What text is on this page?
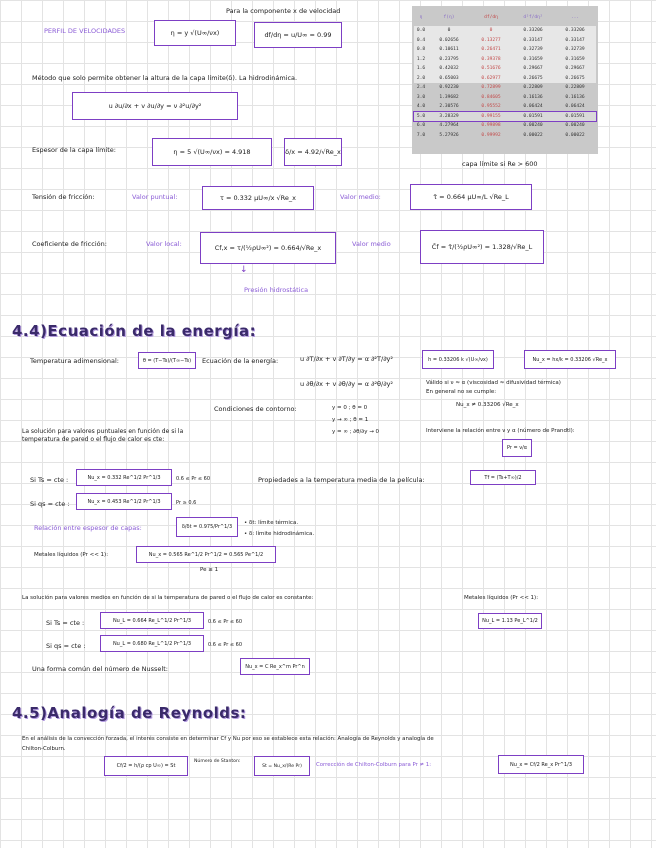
Para la componente x de velocidad
PERFIL DE VELOCIDADES	η = y √(U∞/νx)	df/dη = u/U∞ = 0.99
η	f(η)	df/dη	d²f/dη²	...
0.0	0	0	0.33206	0.33206
0.4	0.02656	0.13277	0.33147	0.33147
0.8	0.10611	0.26471	0.32739	0.32739
1.2	0.23795	0.39378	0.31659	0.31659
1.6	0.42032	0.51676	0.29667	0.29667
2.0	0.65003	0.62977	0.26675	0.26675
2.4	0.92230	0.72899	0.22809	0.22809
3.0	1.39682	0.84605	0.16136	0.16136
4.0	2.30576	0.95552	0.06424	0.06424
5.0	3.28329	0.99155	0.01591	0.01591
6.0	4.27964	0.99898	0.00240	0.00240
7.0	5.27926	0.99992	0.00022	0.00022
capa límite si Re > 600
Método que solo permite obtener la altura de la capa límite(δ). La hidrodinámica.
u ∂u/∂x + v ∂u/∂y = ν ∂²u/∂y²
Espesor de la capa límite:	η = 5 √(U∞/νx) = 4.918	δ/x = 4.92/√Re_x
Tensión de fricción:	Valor puntual:	τ = 0.332 μU∞/x √Re_x	Valor medio:	τ̄ = 0.664 μU∞/L √Re_L
Coeficiente de fricción:	Valor local:	Cf,x = τ/(½ρU∞²) = 0.664/√Re_x	Valor medio	C̄f = τ̄/(½ρU∞²) = 1.328/√Re_L
↓
Presión hidrostática
4.4)Ecuación de la energía:
Temperatura adimensional:	θ = (T−Ts)/(T∞−Ts)	Ecuación de la energía:	u ∂T/∂x + v ∂T/∂y = α ∂²T/∂y²
u ∂θ/∂x + v ∂θ/∂y = α ∂²θ/∂y²
h = 0.33206 k √(U∞/νx)	Nu_x = hx/k = 0.33206 √Re_x
Válido si ν ≈ α (viscosidad ≈ difusividad térmica)
En general no se cumple:
Nu_x ≠ 0.33206 √Re_x
Condiciones de contorno:	y = 0 ; θ = 0
y → ∞ ; θ = 1
y = ∞ ; ∂θ/∂y → 0	Interviene la relación entre ν y α (número de Prandtl):
Pr = ν/α
La solución para valores puntuales en función de si la temperatura de pared o el flujo de calor es cte:
Si Ts = cte :	Nu_x = 0.332 Re^1/2 Pr^1/3	0.6 ≤ Pr ≤ 60	Propiedades a la temperatura media de la película:	Tf = (Ts+T∞)/2
Si qs = cte :	Nu_x = 0.453 Re^1/2 Pr^1/3	Pr ≥ 0.6
Relación entre espesor de capas:	δ/δt = 0.975/Pr^1/3
• δt: límite térmica.
• δ: límite hidrodinámica.
Metales líquidos (Pr << 1):	Nu_x = 0.565 Re^1/2 Pr^1/2 = 0.565 Pe^1/2
Pe ≥ 1
La solución para valores medios en función de si la temperatura de pared o el flujo de calor es constante:	Metales líquidos (Pr << 1):
Nu_L = 1.13 Pe_L^1/2
Si Ts = cte :	Nu_L = 0.664 Re_L^1/2 Pr^1/3	0.6 ≤ Pr ≤ 60
Si qs = cte :	Nu_L = 0.680 Re_L^1/2 Pr^1/3	0.6 ≤ Pr ≤ 60
Una forma común del número de Nusselt:	Nu_x = C Re_x^m Pr^n
4.5)Analogía de Reynolds:
En el análisis de la convección forzada, el interés consiste en determinar Cf y Nu por eso se establece esta relación: Analogía de Reynolds y analogía de
Chilton-Colburn.
Cf/2 = h/(ρ cp U∞) = St
Número de Stanton:
St = Nu_x/(Re Pr)	Corrección de Chilton-Colburn para Pr ≠ 1:	Nu_x = Cf/2 Re_x Pr^1/3
